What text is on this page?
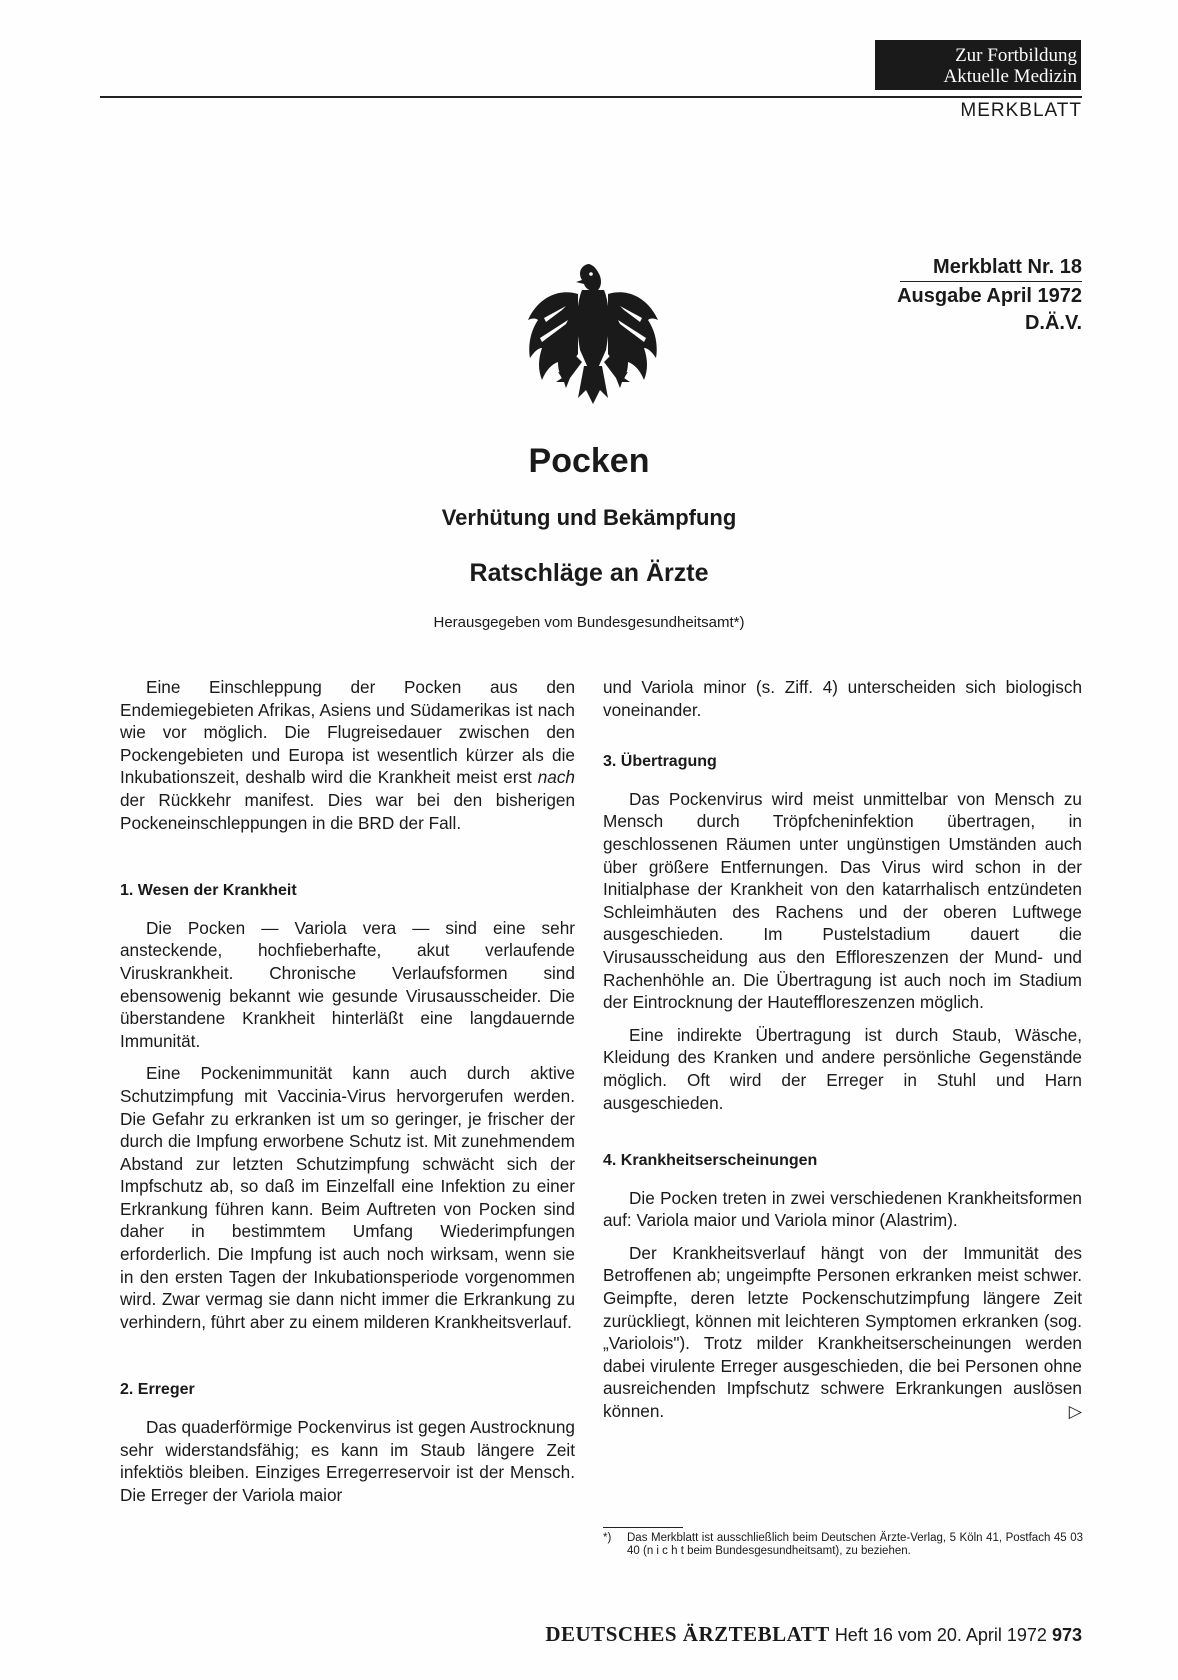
Zur Fortbildung
Aktuelle Medizin
MERKBLATT
Merkblatt Nr. 18
Ausgabe April 1972
D.Ä.V.
Pocken
Verhütung und Bekämpfung
Ratschläge an Ärzte
Herausgegeben vom Bundesgesundheitsamt*)

Eine Einschleppung der Pocken aus den Endemiegebieten Afrikas, Asiens und Südamerikas ist nach wie vor möglich. Die Flugreisedauer zwischen den Pockengebieten und Europa ist wesentlich kürzer als die Inkubationszeit, deshalb wird die Krankheit meist erst nach der Rückkehr manifest. Dies war bei den bisherigen Pockeneinschleppungen in die BRD der Fall.

1. Wesen der Krankheit

Die Pocken — Variola vera — sind eine sehr ansteckende, hochfieberhafte, akut verlaufende Viruskrankheit. Chronische Verlaufsformen sind ebensowenig bekannt wie gesunde Virusausscheider. Die überstandene Krankheit hinterläßt eine langdauernde Immunität.

Eine Pockenimmunität kann auch durch aktive Schutzimpfung mit Vaccinia-Virus hervorgerufen werden. Die Gefahr zu erkranken ist um so geringer, je frischer der durch die Impfung erworbene Schutz ist. Mit zunehmendem Abstand zur letzten Schutzimpfung schwächt sich der Impfschutz ab, so daß im Einzelfall eine Infektion zu einer Erkrankung führen kann. Beim Auftreten von Pocken sind daher in bestimmtem Umfang Wiederimpfungen erforderlich. Die Impfung ist auch noch wirksam, wenn sie in den ersten Tagen der Inkubationsperiode vorgenommen wird. Zwar vermag sie dann nicht immer die Erkrankung zu verhindern, führt aber zu einem milderen Krankheitsverlauf.

2. Erreger

Das quaderförmige Pockenvirus ist gegen Austrocknung sehr widerstandsfähig; es kann im Staub längere Zeit infektiös bleiben. Einziges Erregerreservoir ist der Mensch. Die Erreger der Variola maior

und Variola minor (s. Ziff. 4) unterscheiden sich biologisch voneinander.

3. Übertragung

Das Pockenvirus wird meist unmittelbar von Mensch zu Mensch durch Tröpfcheninfektion übertragen, in geschlossenen Räumen unter ungünstigen Umständen auch über größere Entfernungen. Das Virus wird schon in der Initialphase der Krankheit von den katarrhalisch entzündeten Schleimhäuten des Rachens und der oberen Luftwege ausgeschieden. Im Pustelstadium dauert die Virusausscheidung aus den Effloreszenzen der Mund- und Rachenhöhle an. Die Übertragung ist auch noch im Stadium der Eintrocknung der Hauteffloreszenzen möglich.

Eine indirekte Übertragung ist durch Staub, Wäsche, Kleidung des Kranken und andere persönliche Gegenstände möglich. Oft wird der Erreger in Stuhl und Harn ausgeschieden.

4. Krankheitserscheinungen

Die Pocken treten in zwei verschiedenen Krankheitsformen auf: Variola maior und Variola minor (Alastrim).

Der Krankheitsverlauf hängt von der Immunität des Betroffenen ab; ungeimpfte Personen erkranken meist schwer. Geimpfte, deren letzte Pockenschutzimpfung längere Zeit zurückliegt, können mit leichteren Symptomen erkranken (sog. „Variolois"). Trotz milder Krankheitserscheinungen werden dabei virulente Erreger ausgeschieden, die bei Personen ohne ausreichenden Impfschutz schwere Erkrankungen auslösen können.	▷

*) Das Merkblatt ist ausschließlich beim Deutschen Ärzte-Verlag, 5 Köln 41, Postfach 45 03 40 (n i c h t beim Bundesgesundheitsamt), zu beziehen.
DEUTSCHES ÄRZTEBLATT Heft 16 vom 20. April 1972 973
